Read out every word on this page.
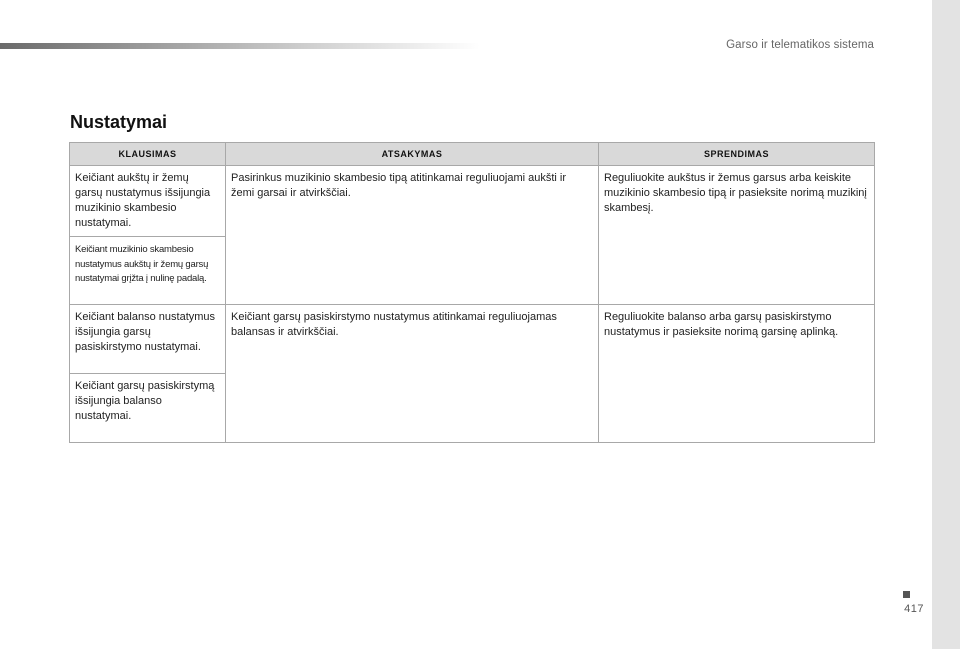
Garso ir telematikos sistema
Nustatymai
KLAUSIMAS	ATSAKYMAS	SPRENDIMAS
Keičiant aukštų ir žemų garsų nustatymus išsijungia muzikinio skambesio nustatymai.	Pasirinkus muzikinio skambesio tipą atitinkamai reguliuojami aukšti ir žemi garsai ir atvirkščiai.	Reguliuokite aukštus ir žemus garsus arba keiskite muzikinio skambesio tipą ir pasieksite norimą muzikinį skambesį.
Keičiant muzikinio skambesio nustatymus aukštų ir žemų garsų nustatymai grįžta į nulinę padalą.		
Keičiant balanso nustatymus išsijungia garsų pasiskirstymo nustatymai.	Keičiant garsų pasiskirstymo nustatymus atitinkamai reguliuojamas balansas ir atvirkščiai.	Reguliuokite balanso arba garsų pasiskirstymo nustatymus ir pasieksite norimą garsinę aplinką.
Keičiant garsų pasiskirstymą išsijungia balanso nustatymai.		
417
